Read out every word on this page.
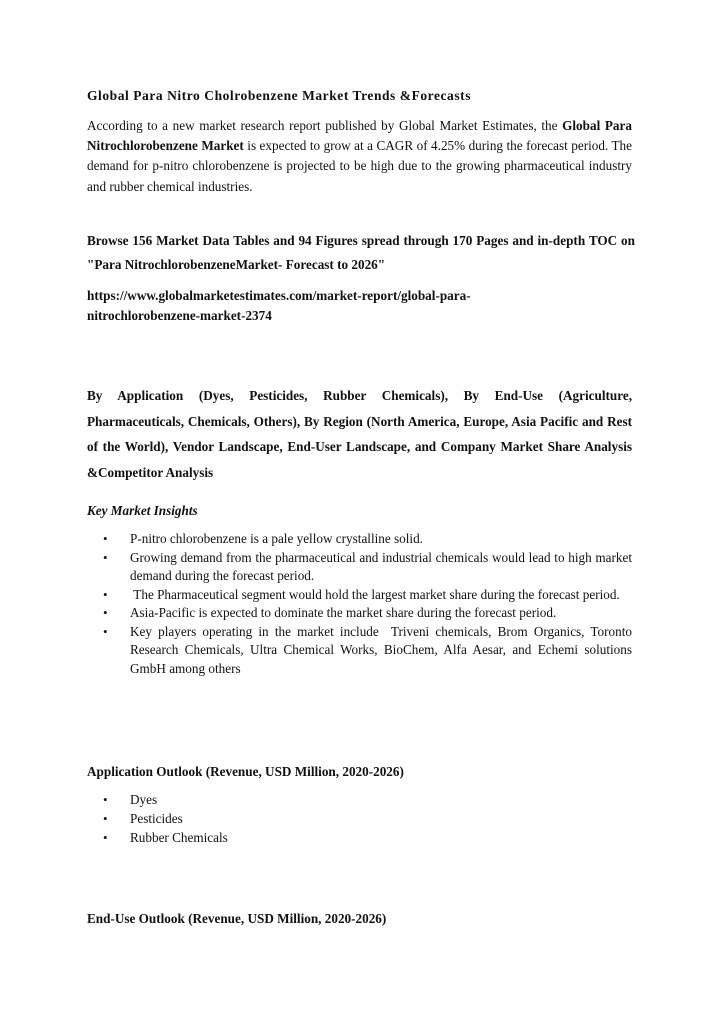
Global Para Nitro Cholrobenzene Market Trends &Forecasts
According to a new market research report published by Global Market Estimates, the Global Para Nitrochlorobenzene Market is expected to grow at a CAGR of 4.25% during the forecast period. The demand for p-nitro chlorobenzene is projected to be high due to the growing pharmaceutical industry and rubber chemical industries.
Browse 156 Market Data Tables and 94 Figures spread through 170 Pages and in-depth TOC on "Para NitrochlorobenzeneMarket- Forecast to 2026"
https://www.globalmarketestimates.com/market-report/global-para-
nitrochlorobenzene-market-2374
By Application (Dyes, Pesticides, Rubber Chemicals), By End-Use (Agriculture, Pharmaceuticals, Chemicals, Others), By Region (North America, Europe, Asia Pacific and Rest of the World), Vendor Landscape, End-User Landscape, and Company Market Share Analysis &Competitor Analysis
Key Market Insights
• P-nitro chlorobenzene is a pale yellow crystalline solid.
• Growing demand from the pharmaceutical and industrial chemicals would lead to high market demand during the forecast period.
• The Pharmaceutical segment would hold the largest market share during the forecast period.
• Asia-Pacific is expected to dominate the market share during the forecast period.
• Key players operating in the market include  Triveni chemicals, Brom Organics, Toronto Research Chemicals, Ultra Chemical Works, BioChem, Alfa Aesar, and Echemi solutions GmbH among others
Application Outlook (Revenue, USD Million, 2020-2026)
• Dyes
• Pesticides
• Rubber Chemicals
End-Use Outlook (Revenue, USD Million, 2020-2026)
